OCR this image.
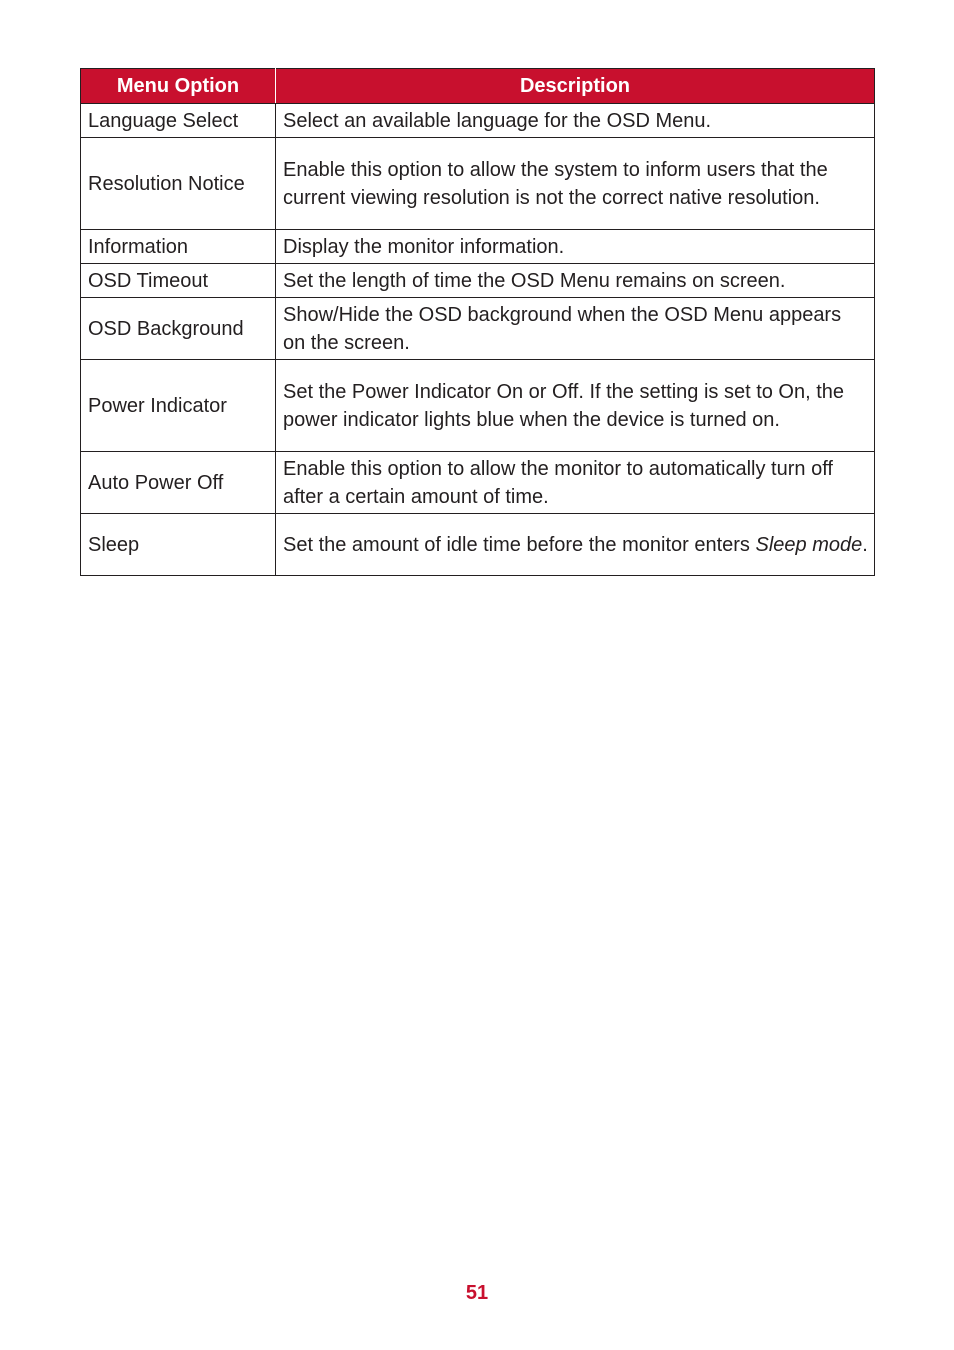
Menu Option	Description
Language Select	Select an available language for the OSD Menu.
Resolution Notice	Enable this option to allow the system to inform users that the current viewing resolution is not the correct native resolution.
Information	Display the monitor information.
OSD Timeout	Set the length of time the OSD Menu remains on screen.
OSD Background	Show/Hide the OSD background when the OSD Menu appears on the screen.
Power Indicator	Set the Power Indicator On or Off. If the setting is set to On, the power indicator lights blue when the device is turned on.
Auto Power Off	Enable this option to allow the monitor to automatically turn off after a certain amount of time.
Sleep	Set the amount of idle time before the monitor enters Sleep mode.
51
